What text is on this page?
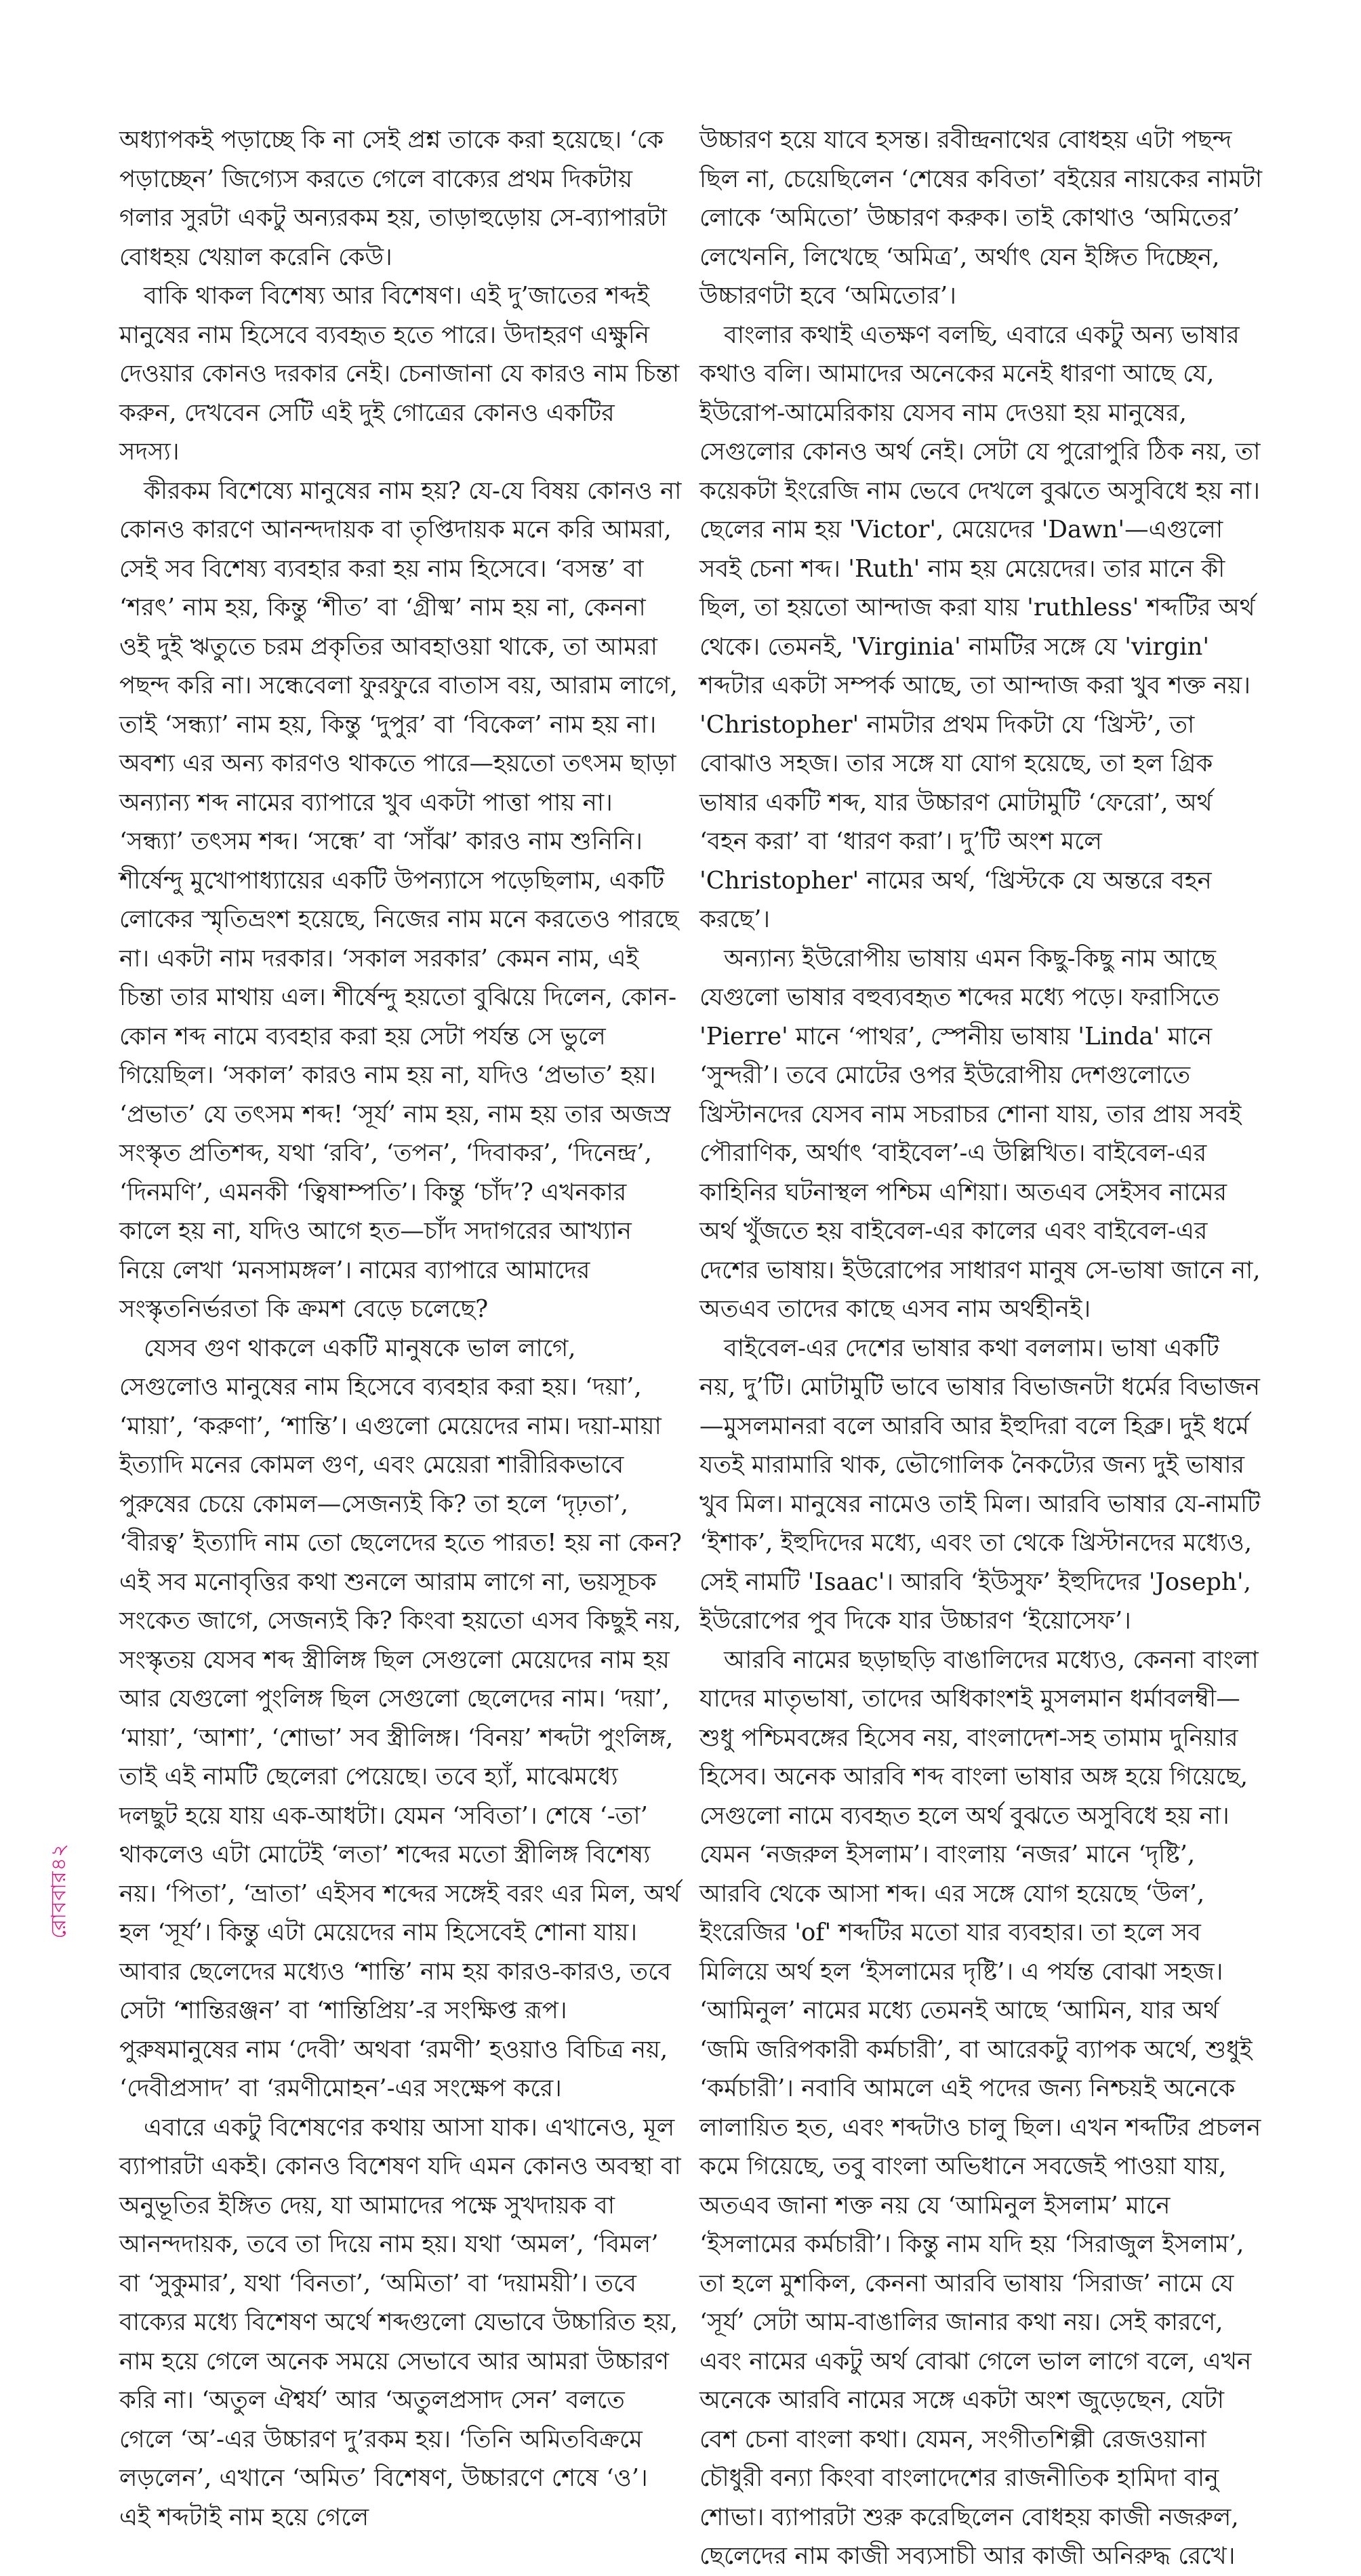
অধ্যাপকই পড়াচ্ছে কি না সেই প্রশ্ন তাকে করা হয়েছে। ‘কে পড়াচ্ছেন’ জিগ্যেস করতে গেলে বাক্যের প্রথম দিকটায় গলার সুরটা একটু অন্যরকম হয়, তাড়াহুড়োয় সে-ব্যাপারটা বোধহয় খেয়াল করেনি কেউ।

বাকি থাকল বিশেষ্য আর বিশেষণ। এই দু’জাতের শব্দই মানুষের নাম হিসেবে ব্যবহৃত হতে পারে। উদাহরণ এক্ষুনি দেওয়ার কোনও দরকার নেই। চেনাজানা যে কারও নাম চিন্তা করুন, দেখবেন সেটি এই দুই গোত্রের কোনও একটির সদস্য।

কীরকম বিশেষ্যে মানুষের নাম হয়? যে-যে বিষয় কোনও না কোনও কারণে আনন্দদায়ক বা তৃপ্তিদায়ক মনে করি আমরা, সেই সব বিশেষ্য ব্যবহার করা হয় নাম হিসেবে। ‘বসন্ত’ বা ‘শরৎ’ নাম হয়, কিন্তু ‘শীত’ বা ‘গ্রীষ্ম’ নাম হয় না, কেননা ওই দুই ঋতুতে চরম প্রকৃতির আবহাওয়া থাকে, তা আমরা পছন্দ করি না। সন্ধেবেলা ফুরফুরে বাতাস বয়, আরাম লাগে, তাই ‘সন্ধ্যা’ নাম হয়, কিন্তু ‘দুপুর’ বা ‘বিকেল’ নাম হয় না। অবশ্য এর অন্য কারণও থাকতে পারে—হয়তো তৎসম ছাড়া অন্যান্য শব্দ নামের ব্যাপারে খুব একটা পাত্তা পায় না। ‘সন্ধ্যা’ তৎসম শব্দ। ‘সন্ধে’ বা ‘সাঁঝ’ কারও নাম শুনিনি। শীর্ষেন্দু মুখোপাধ্যায়ের একটি উপন্যাসে পড়েছিলাম, একটি লোকের স্মৃতিভ্রংশ হয়েছে, নিজের নাম মনে করতেও পারছে না। একটা নাম দরকার। ‘সকাল সরকার’ কেমন নাম, এই চিন্তা তার মাথায় এল। শীর্ষেন্দু হয়তো বুঝিয়ে দিলেন, কোন-কোন শব্দ নামে ব্যবহার করা হয় সেটা পর্যন্ত সে ভুলে গিয়েছিল। ‘সকাল’ কারও নাম হয় না, যদিও ‘প্রভাত’ হয়। ‘প্রভাত’ যে তৎসম শব্দ! ‘সূর্য’ নাম হয়, নাম হয় তার অজস্র সংস্কৃত প্রতিশব্দ, যথা ‘রবি’, ‘তপন’, ‘দিবাকর’, ‘দিনেন্দ্র’, ‘দিনমণি’, এমনকী ‘ত্বিষাম্পতি’। কিন্তু ‘চাঁদ’? এখনকার কালে হয় না, যদিও আগে হত—চাঁদ সদাগরের আখ্যান নিয়ে লেখা ‘মনসামঙ্গল’। নামের ব্যাপারে আমাদের সংস্কৃতনির্ভরতা কি ক্রমশ বেড়ে চলেছে?

যেসব গুণ থাকলে একটি মানুষকে ভাল লাগে, সেগুলোও মানুষের নাম হিসেবে ব্যবহার করা হয়। ‘দয়া’, ‘মায়া’, ‘করুণা’, ‘শান্তি’। এগুলো মেয়েদের নাম। দয়া-মায়া ইত্যাদি মনের কোমল গুণ, এবং মেয়েরা শারীরিকভাবে পুরুষের চেয়ে কোমল—সেজন্যই কি? তা হলে ‘দৃঢ়তা’, ‘বীরত্ব’ ইত্যাদি নাম তো ছেলেদের হতে পারত! হয় না কেন? এই সব মনোবৃত্তির কথা শুনলে আরাম লাগে না, ভয়সূচক সংকেত জাগে, সেজন্যই কি? কিংবা হয়তো এসব কিছুই নয়, সংস্কৃতয় যেসব শব্দ স্ত্রীলিঙ্গ ছিল সেগুলো মেয়েদের নাম হয় আর যেগুলো পুংলিঙ্গ ছিল সেগুলো ছেলেদের নাম। ‘দয়া’, ‘মায়া’, ‘আশা’, ‘শোভা’ সব স্ত্রীলিঙ্গ। ‘বিনয়’ শব্দটা পুংলিঙ্গ, তাই এই নামটি ছেলেরা পেয়েছে। তবে হ্যাঁ, মাঝেমধ্যে দলছুট হয়ে যায় এক-আধটা। যেমন ‘সবিতা’। শেষে ‘-তা’ থাকলেও এটা মোটেই ‘লতা’ শব্দের মতো স্ত্রীলিঙ্গ বিশেষ্য নয়। ‘পিতা’, ‘ভ্রাতা’ এইসব শব্দের সঙ্গেই বরং এর মিল, অর্থ হল ‘সূর্য’। কিন্তু এটা মেয়েদের নাম হিসেবেই শোনা যায়। আবার ছেলেদের মধ্যেও ‘শান্তি’ নাম হয় কারও-কারও, তবে সেটা ‘শান্তিরঞ্জন’ বা ‘শান্তিপ্রিয়’-র সংক্ষিপ্ত রূপ। পুরুষমানুষের নাম ‘দেবী’ অথবা ‘রমণী’ হওয়াও বিচিত্র নয়, ‘দেবীপ্রসাদ’ বা ‘রমণীমোহন’-এর সংক্ষেপ করে।

এবারে একটু বিশেষণের কথায় আসা যাক। এখানেও, মূল ব্যাপারটা একই। কোনও বিশেষণ যদি এমন কোনও অবস্থা বা অনুভূতির ইঙ্গিত দেয়, যা আমাদের পক্ষে সুখদায়ক বা আনন্দদায়ক, তবে তা দিয়ে নাম হয়। যথা ‘অমল’, ‘বিমল’ বা ‘সুকুমার’, যথা ‘বিনতা’, ‘অমিতা’ বা ‘দয়াময়ী’। তবে বাক্যের মধ্যে বিশেষণ অর্থে শব্দগুলো যেভাবে উচ্চারিত হয়, নাম হয়ে গেলে অনেক সময়ে সেভাবে আর আমরা উচ্চারণ করি না। ‘অতুল ঐশ্বর্য’ আর ‘অতুলপ্রসাদ সেন’ বলতে গেলে ‘অ’-এর উচ্চারণ দু’রকম হয়। ‘তিনি অমিতবিক্রমে লড়লেন’, এখানে ‘অমিত’ বিশেষণ, উচ্চারণে শেষে ‘ও’। এই শব্দটাই নাম হয়ে গেলে

উচ্চারণ হয়ে যাবে হসন্ত। রবীন্দ্রনাথের বোধহয় এটা পছন্দ ছিল না, চেয়েছিলেন ‘শেষের কবিতা’ বইয়ের নায়কের নামটা লোকে ‘অমিতো’ উচ্চারণ করুক। তাই কোথাও ‘অমিতের’ লেখেননি, লিখেছে ‘অমিত্র’, অর্থাৎ যেন ইঙ্গিত দিচ্ছেন, উচ্চারণটা হবে ‘অমিতোর’।

বাংলার কথাই এতক্ষণ বলছি, এবারে একটু অন্য ভাষার কথাও বলি। আমাদের অনেকের মনেই ধারণা আছে যে, ইউরোপ-আমেরিকায় যেসব নাম দেওয়া হয় মানুষের, সেগুলোর কোনও অর্থ নেই। সেটা যে পুরোপুরি ঠিক নয়, তা কয়েকটা ইংরেজি নাম ভেবে দেখলে বুঝতে অসুবিধে হয় না। ছেলের নাম হয় 'Victor', মেয়েদের 'Dawn'—এগুলো সবই চেনা শব্দ। 'Ruth' নাম হয় মেয়েদের। তার মানে কী ছিল, তা হয়তো আন্দাজ করা যায় 'ruthless' শব্দটির অর্থ থেকে। তেমনই, 'Virginia' নামটির সঙ্গে যে 'virgin' শব্দটার একটা সম্পর্ক আছে, তা আন্দাজ করা খুব শক্ত নয়। 'Christopher' নামটার প্রথম দিকটা যে ‘খ্রিস্ট’, তা বোঝাও সহজ। তার সঙ্গে যা যোগ হয়েছে, তা হল গ্রিক ভাষার একটি শব্দ, যার উচ্চারণ মোটামুটি ‘ফেরো’, অর্থ ‘বহন করা’ বা ‘ধারণ করা’। দু’টি অংশ মলে 'Christopher' নামের অর্থ, ‘খ্রিস্টকে যে অন্তরে বহন করছে’।

অন্যান্য ইউরোপীয় ভাষায় এমন কিছু-কিছু নাম আছে যেগুলো ভাষার বহুব্যবহৃত শব্দের মধ্যে পড়ে। ফরাসিতে 'Pierre' মানে ‘পাথর’, স্পেনীয় ভাষায় 'Linda' মানে ‘সুন্দরী’। তবে মোটের ওপর ইউরোপীয় দেশগুলোতে খ্রিস্টানদের যেসব নাম সচরাচর শোনা যায়, তার প্রায় সবই পৌরাণিক, অর্থাৎ ‘বাইবেল’-এ উল্লিখিত। বাইবেল-এর কাহিনির ঘটনাস্থল পশ্চিম এশিয়া। অতএব সেইসব নামের অর্থ খুঁজতে হয় বাইবেল-এর কালের এবং বাইবেল-এর দেশের ভাষায়। ইউরোপের সাধারণ মানুষ সে-ভাষা জানে না, অতএব তাদের কাছে এসব নাম অর্থহীনই।

বাইবেল-এর দেশের ভাষার কথা বললাম। ভাষা একটি নয়, দু’টি। মোটামুটি ভাবে ভাষার বিভাজনটা ধর্মের বিভাজন—মুসলমানরা বলে আরবি আর ইহুদিরা বলে হিব্রু। দুই ধর্মে যতই মারামারি থাক, ভৌগোলিক নৈকট্যের জন্য দুই ভাষার খুব মিল। মানুষের নামেও তাই মিল। আরবি ভাষার যে-নামটি ‘ইশাক’, ইহুদিদের মধ্যে, এবং তা থেকে খ্রিস্টানদের মধ্যেও, সেই নামটি 'Isaac'। আরবি ‘ইউসুফ’ ইহুদিদের 'Joseph', ইউরোপের পুব দিকে যার উচ্চারণ ‘ইয়োসেফ’।

আরবি নামের ছড়াছড়ি বাঙালিদের মধ্যেও, কেননা বাংলা যাদের মাতৃভাষা, তাদের অধিকাংশই মুসলমান ধর্মাবলম্বী—শুধু পশ্চিমবঙ্গের হিসেব নয়, বাংলাদেশ-সহ তামাম দুনিয়ার হিসেব। অনেক আরবি শব্দ বাংলা ভাষার অঙ্গ হয়ে গিয়েছে, সেগুলো নামে ব্যবহৃত হলে অর্থ বুঝতে অসুবিধে হয় না। যেমন ‘নজরুল ইসলাম’। বাংলায় ‘নজর’ মানে ‘দৃষ্টি’, আরবি থেকে আসা শব্দ। এর সঙ্গে যোগ হয়েছে ‘উল’, ইংরেজির 'of' শব্দটির মতো যার ব্যবহার। তা হলে সব মিলিয়ে অর্থ হল ‘ইসলামের দৃষ্টি’। এ পর্যন্ত বোঝা সহজ। ‘আমিনুল’ নামের মধ্যে তেমনই আছে ‘আমিন, যার অর্থ ‘জমি জরিপকারী কর্মচারী’, বা আরেকটু ব্যাপক অর্থে, শুধুই ‘কর্মচারী’। নবাবি আমলে এই পদের জন্য নিশ্চয়ই অনেকে লালায়িত হত, এবং শব্দটাও চালু ছিল। এখন শব্দটির প্রচলন কমে গিয়েছে, তবু বাংলা অভিধানে সবজেই পাওয়া যায়, অতএব জানা শক্ত নয় যে ‘আমিনুল ইসলাম’ মানে ‘ইসলামের কর্মচারী’। কিন্তু নাম যদি হয় ‘সিরাজুল ইসলাম’, তা হলে মুশকিল, কেননা আরবি ভাষায় ‘সিরাজ’ নামে যে ‘সূর্য’ সেটা আম-বাঙালির জানার কথা নয়। সেই কারণে, এবং নামের একটু অর্থ বোঝা গেলে ভাল লাগে বলে, এখন অনেকে আরবি নামের সঙ্গে একটা অংশ জুড়েছেন, যেটা বেশ চেনা বাংলা কথা। যেমন, সংগীতশিল্পী রেজওয়ানা চৌধুরী বন্যা কিংবা বাংলাদেশের রাজনীতিক হামিদা বানু শোভা। ব্যাপারটা শুরু করেছিলেন বোধহয় কাজী নজরুল, ছেলেদের নাম কাজী সব্যসাচী আর কাজী অনিরুদ্ধ রেখে।

রোববার৪২
